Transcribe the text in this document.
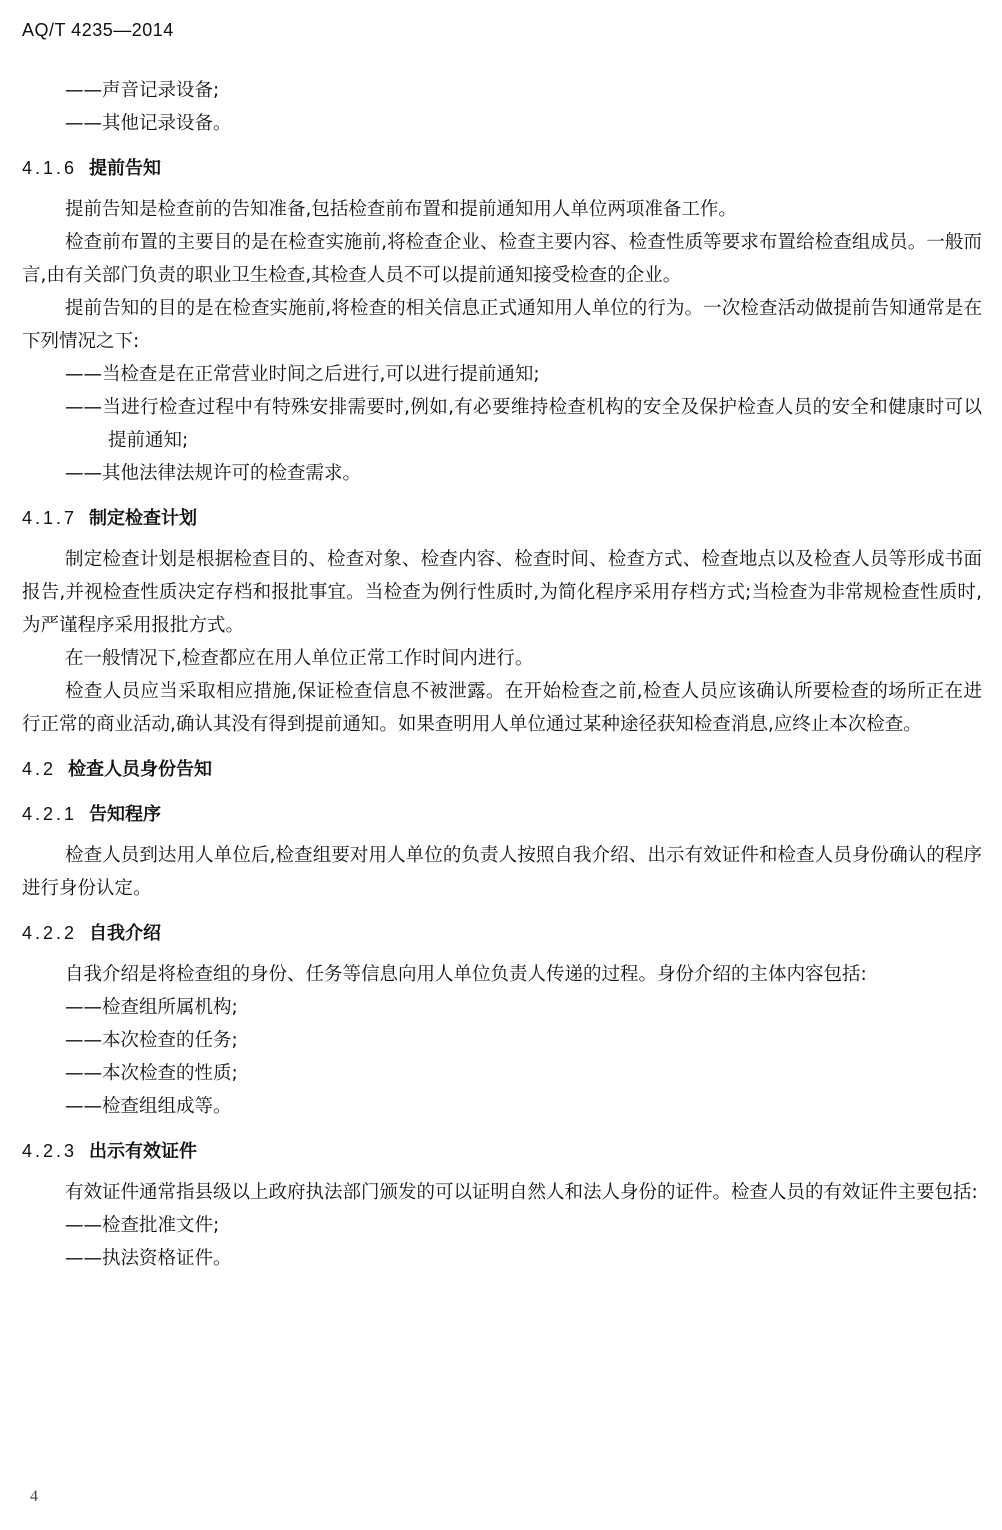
AQ/T 4235—2014
——声音记录设备;
——其他记录设备。
4.1.6 提前告知
提前告知是检查前的告知准备,包括检查前布置和提前通知用人单位两项准备工作。
检查前布置的主要目的是在检查实施前,将检查企业、检查主要内容、检查性质等要求布置给检查组成员。一般而言,由有关部门负责的职业卫生检查,其检查人员不可以提前通知接受检查的企业。
提前告知的目的是在检查实施前,将检查的相关信息正式通知用人单位的行为。一次检查活动做提前告知通常是在下列情况之下:
——当检查是在正常营业时间之后进行,可以进行提前通知;
——当进行检查过程中有特殊安排需要时,例如,有必要维持检查机构的安全及保护检查人员的安全和健康时可以提前通知;
——其他法律法规许可的检查需求。
4.1.7 制定检查计划
制定检查计划是根据检查目的、检查对象、检查内容、检查时间、检查方式、检查地点以及检查人员等形成书面报告,并视检查性质决定存档和报批事宜。当检查为例行性质时,为简化程序采用存档方式;当检查为非常规检查性质时,为严谨程序采用报批方式。
在一般情况下,检查都应在用人单位正常工作时间内进行。
检查人员应当采取相应措施,保证检查信息不被泄露。在开始检查之前,检查人员应该确认所要检查的场所正在进行正常的商业活动,确认其没有得到提前通知。如果查明用人单位通过某种途径获知检查消息,应终止本次检查。
4.2 检查人员身份告知
4.2.1 告知程序
检查人员到达用人单位后,检查组要对用人单位的负责人按照自我介绍、出示有效证件和检查人员身份确认的程序进行身份认定。
4.2.2 自我介绍
自我介绍是将检查组的身份、任务等信息向用人单位负责人传递的过程。身份介绍的主体内容包括:
——检查组所属机构;
——本次检查的任务;
——本次检查的性质;
——检查组组成等。
4.2.3 出示有效证件
有效证件通常指县级以上政府执法部门颁发的可以证明自然人和法人身份的证件。检查人员的有效证件主要包括:
——检查批准文件;
——执法资格证件。
4
